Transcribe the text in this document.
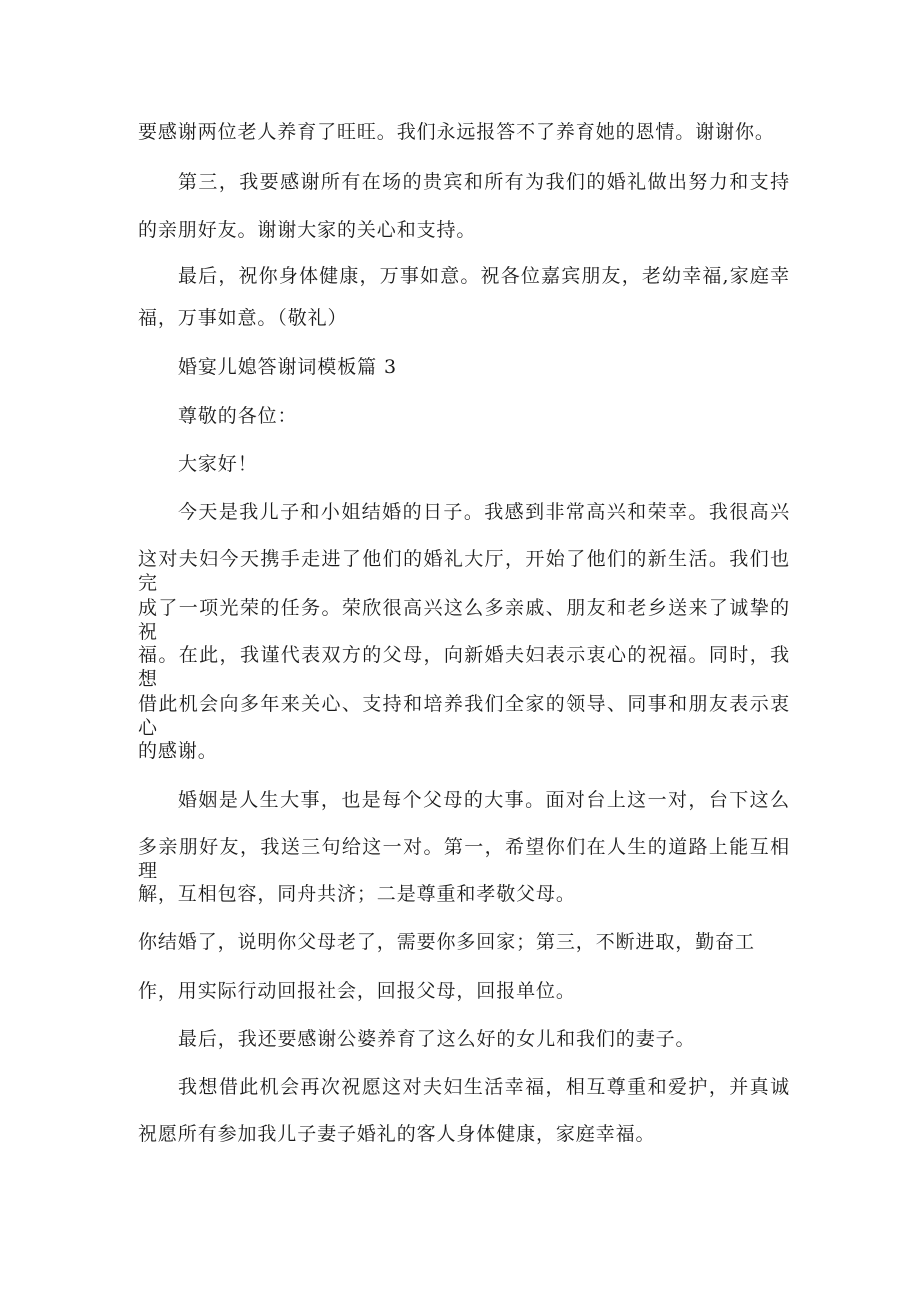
要感谢两位老人养育了旺旺。我们永远报答不了养育她的恩情。谢谢你。
第三，我要感谢所有在场的贵宾和所有为我们的婚礼做出努力和支持
的亲朋好友。谢谢大家的关心和支持。
最后，祝你身体健康，万事如意。祝各位嘉宾朋友，老幼幸福,家庭幸
福，万事如意。（敬礼）
婚宴儿媳答谢词模板篇 3
尊敬的各位：
大家好！
今天是我儿子和小姐结婚的日子。我感到非常高兴和荣幸。我很高兴
这对夫妇今天携手走进了他们的婚礼大厅，开始了他们的新生活。我们也完
成了一项光荣的任务。荣欣很高兴这么多亲戚、朋友和老乡送来了诚挚的祝
福。在此，我谨代表双方的父母，向新婚夫妇表示衷心的祝福。同时，我想
借此机会向多年来关心、支持和培养我们全家的领导、同事和朋友表示衷心
的感谢。
婚姻是人生大事，也是每个父母的大事。面对台上这一对，台下这么
多亲朋好友，我送三句给这一对。第一，希望你们在人生的道路上能互相理
解，互相包容，同舟共济；二是尊重和孝敬父母。
你结婚了，说明你父母老了，需要你多回家；第三，不断进取，勤奋工
作，用实际行动回报社会，回报父母，回报单位。
最后，我还要感谢公婆养育了这么好的女儿和我们的妻子。
我想借此机会再次祝愿这对夫妇生活幸福，相互尊重和爱护，并真诚
祝愿所有参加我儿子妻子婚礼的客人身体健康，家庭幸福。
